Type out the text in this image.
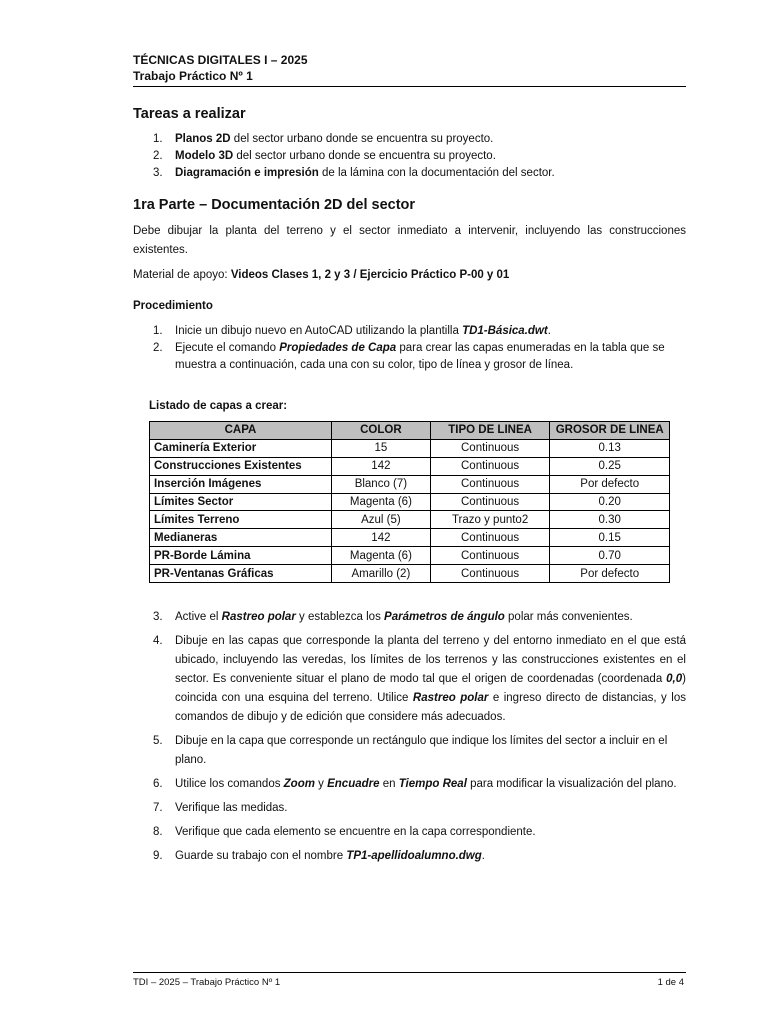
TÉCNICAS DIGITALES I – 2025
Trabajo Práctico Nº 1
Tareas a realizar
1. Planos 2D del sector urbano donde se encuentra su proyecto.
2. Modelo 3D del sector urbano donde se encuentra su proyecto.
3. Diagramación e impresión de la lámina con la documentación del sector.
1ra Parte – Documentación 2D del sector
Debe dibujar la planta del terreno y el sector inmediato a intervenir, incluyendo las construcciones existentes.
Material de apoyo: Videos Clases 1, 2 y 3 / Ejercicio Práctico P-00 y 01
Procedimiento
1. Inicie un dibujo nuevo en AutoCAD utilizando la plantilla TD1-Básica.dwt.
2. Ejecute el comando Propiedades de Capa para crear las capas enumeradas en la tabla que se muestra a continuación, cada una con su color, tipo de línea y grosor de línea.
Listado de capas a crear:
CAPA	COLOR	TIPO DE LINEA	GROSOR DE LINEA
Caminería Exterior	15	Continuous	0.13
Construcciones Existentes	142	Continuous	0.25
Inserción Imágenes	Blanco (7)	Continuous	Por defecto
Límites Sector	Magenta (6)	Continuous	0.20
Límites Terreno	Azul (5)	Trazo y punto2	0.30
Medianeras	142	Continuous	0.15
PR-Borde Lámina	Magenta (6)	Continuous	0.70
PR-Ventanas Gráficas	Amarillo (2)	Continuous	Por defecto
3. Active el Rastreo polar y establezca los Parámetros de ángulo polar más convenientes.
4. Dibuje en las capas que corresponde la planta del terreno y del entorno inmediato en el que está ubicado, incluyendo las veredas, los límites de los terrenos y las construcciones existentes en el sector. Es conveniente situar el plano de modo tal que el origen de coordenadas (coordenada 0,0) coincida con una esquina del terreno. Utilice Rastreo polar e ingreso directo de distancias, y los comandos de dibujo y de edición que considere más adecuados.
5. Dibuje en la capa que corresponde un rectángulo que indique los límites del sector a incluir en el plano.
6. Utilice los comandos Zoom y Encuadre en Tiempo Real para modificar la visualización del plano.
7. Verifique las medidas.
8. Verifique que cada elemento se encuentre en la capa correspondiente.
9. Guarde su trabajo con el nombre TP1-apellidoalumno.dwg.
TDI – 2025 – Trabajo Práctico Nº 1	1 de 4
